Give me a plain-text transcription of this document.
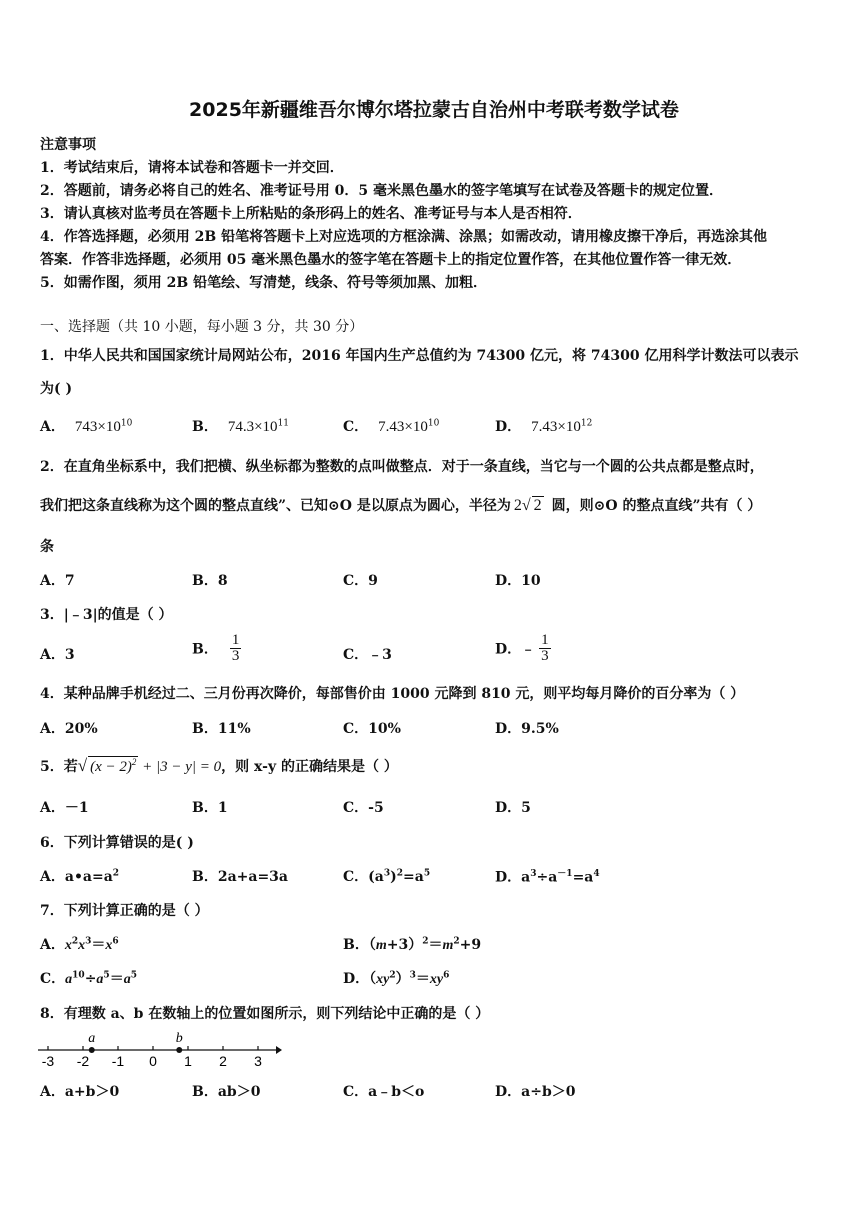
2025年新疆维吾尔博尔塔拉蒙古自治州中考联考数学试卷
注意事项
1．考试结束后，请将本试卷和答题卡一并交回．
2．答题前，请务必将自己的姓名、准考证号用 0．5 毫米黑色墨水的签字笔填写在试卷及答题卡的规定位置．
3．请认真核对监考员在答题卡上所粘贴的条形码上的姓名、准考证号与本人是否相符．
4．作答选择题，必须用 2B 铅笔将答题卡上对应选项的方框涂满、涂黑；如需改动，请用橡皮擦干净后，再选涂其他
答案．作答非选择题，必须用 05 毫米黑色墨水的签字笔在答题卡上的指定位置作答，在其他位置作答一律无效．
5．如需作图，须用 2B 铅笔绘、写清楚，线条、符号等须加黑、加粗．
一、选择题（共 10 小题，每小题 3 分，共 30 分）
1．中华人民共和国国家统计局网站公布，2016 年国内生产总值约为 74300 亿元，将 74300 亿用科学计数法可以表示
为( )
A． $743\times 10^{10}$	B． $74.3\times 10^{11}$	C． $7.43\times 10^{10}$	D． $7.43\times 10^{12}$
2．在直角坐标系中，我们把横、纵坐标都为整数的点叫做整点．对于一条直线，当它与一个圆的公共点都是整点时，
我们把这条直线称为这个圆的整点直线”、已知⊙O 是以原点为圆心，半径为 2√ 2 圆，则⊙O 的整点直线”共有（ ）
条
A．7	B．8	C．9	D．10
3．|﹣3|的值是（ ）
A．3	B． $\frac{1}{3}$	C．﹣3	D．﹣ $\frac{1}{3}$
4．某种品牌手机经过二、三月份再次降价，每部售价由 1000 元降到 810 元，则平均每月降价的百分率为（ ）
A．20%	B．11%	C．10%	D．9.5%
5．若√ $(x - 2)^2 + |3 - y| = 0$，则 x-y 的正确结果是（ ）
A．－1	B．1	C．-5	D．5
6．下列计算错误的是( )
A．$a•a=a^2$	B．2a+a=3a	C．$(a^3)^2=a^5$	D．$a^3\div a^{-1}=a^4$
7．下列计算正确的是（ ）
A．$x^2x^3=x^6$	B．$(m+3)^2=m^2+9$
C．$a^{10}\div a^5=a^5$	D．$(xy^2)^3=xy^6$
8．有理数 a、b 在数轴上的位置如图所示，则下列结论中正确的是（ ）
-3 -2 -1 0 1 2 3
a	b
A．a+b＞0	B．ab＞0	C．a﹣b＜o	D．a÷b＞0
